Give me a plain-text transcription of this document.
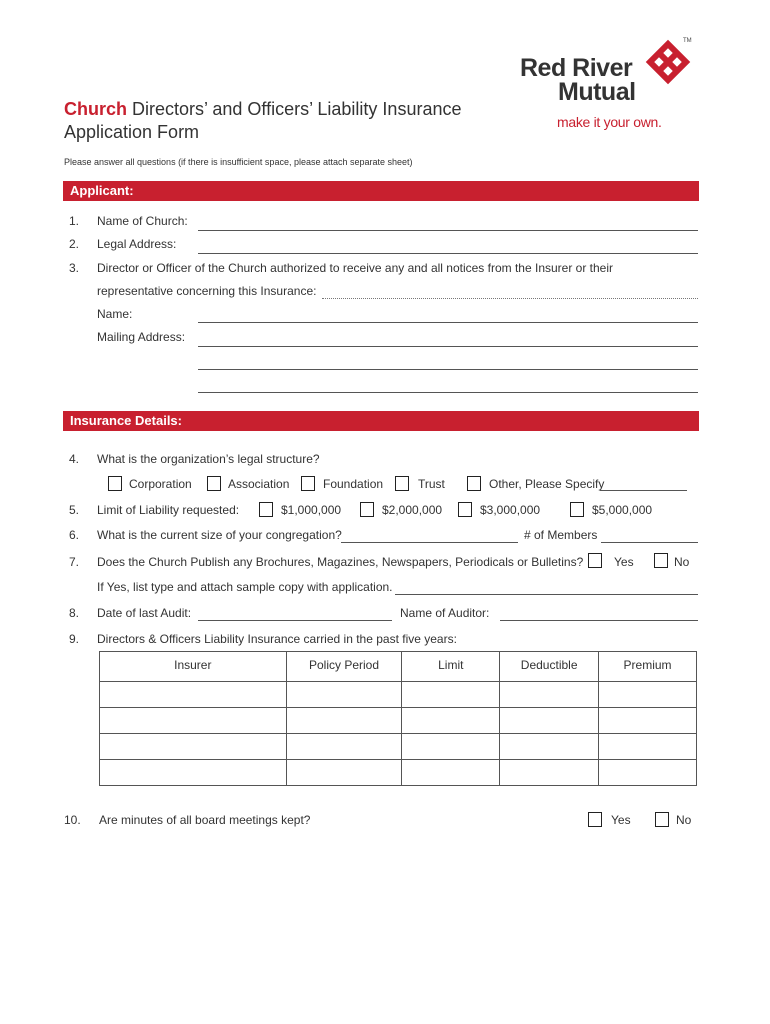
Red River
Mutual
TM
make it your own.
Church Directors’ and Officers’ Liability Insurance
Application Form
Please answer all questions (if there is insufficient space, please attach separate sheet)
Applicant:
1. Name of Church:
2. Legal Address:
3. Director or Officer of the Church authorized to receive any and all notices from the Insurer or their
representative concerning this Insurance:
Name:
Mailing Address:
Insurance Details:
4. What is the organization’s legal structure?
Corporation	Association	Foundation	Trust	Other, Please Specify
5. Limit of Liability requested:	$1,000,000	$2,000,000	$3,000,000	$5,000,000
6. What is the current size of your congregation?	# of Members
7. Does the Church Publish any Brochures, Magazines, Newspapers, Periodicals or Bulletins?	Yes	No
If Yes, list type and attach sample copy with application.
8. Date of last Audit:	Name of Auditor:
9. Directors & Officers Liability Insurance carried in the past five years:
Insurer	Policy Period	Limit	Deductible	Premium

10. Are minutes of all board meetings kept?	Yes	No
